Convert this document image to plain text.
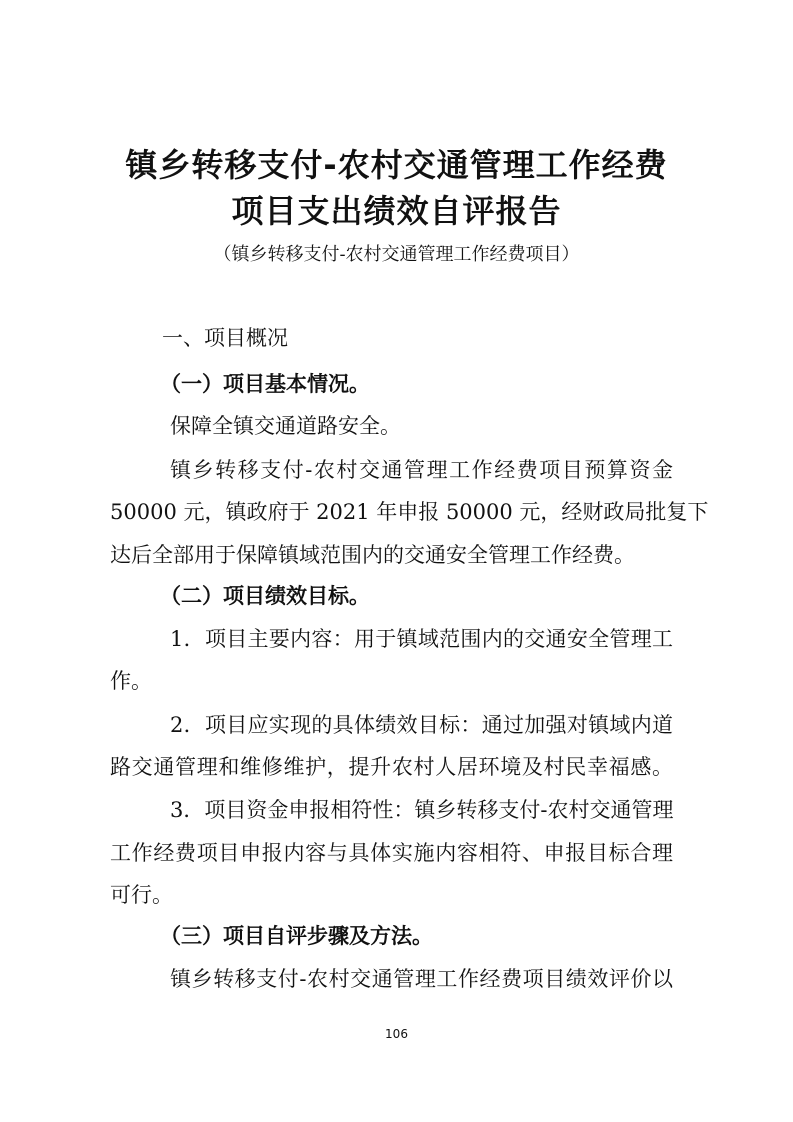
镇乡转移支付-农村交通管理工作经费
项目支出绩效自评报告
（镇乡转移支付-农村交通管理工作经费项目）
一、项目概况
（一）项目基本情况。
保障全镇交通道路安全。
镇乡转移支付-农村交通管理工作经费项目预算资金
50000 元，镇政府于 2021 年申报 50000 元，经财政局批复下
达后全部用于保障镇域范围内的交通安全管理工作经费。
（二）项目绩效目标。
1．项目主要内容：用于镇域范围内的交通安全管理工
作。
2．项目应实现的具体绩效目标：通过加强对镇域内道
路交通管理和维修维护，提升农村人居环境及村民幸福感。
3．项目资金申报相符性：镇乡转移支付-农村交通管理
工作经费项目申报内容与具体实施内容相符、申报目标合理
可行。
（三）项目自评步骤及方法。
镇乡转移支付-农村交通管理工作经费项目绩效评价以
106
